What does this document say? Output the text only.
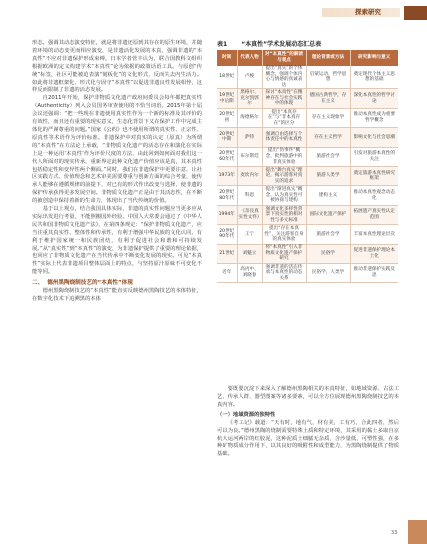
探索研究

形态。强调其动态演变特征，就是将非遗还原到其存在的原生环境，并随着环境的动态变更而相应演变，是非遗活化发展的本真，强调非遗的“本真性”不应对非遗保护形成束缚。日本学者菅丰认为，联合国教科文组织根据欧洲的定义构建学术“本真性”论为依据的政策话语工具。与原创“传统”标签，社区可能被迫表演“刻板化”的文化形式，反而失去内生活力。如此将非遗框架化、形式化与固守“本真性”以促进非遗良性发展相悖，这样反而限制了非遗的活态发展。

自2011年开始，保护非物质文化遗产政府间委员会每年都把真实性（Authenticity）列入会员国务审查使用的不恰当词语。2015年第十届会议还强调：“把一些现在非遗使用真实性作为一个新的标准及其评价的有效性，而且还有重要的现实意义，生态化背景下又在保护工作中完成主体化的严谨尊重的问题。”国家《公约》也不使用所谓的真实性、正宗性、原真性等术语作为评价标准。非遗保护中对真实的认定（原真）为所谓的“本真性”在方法论上承载，“非物质文化遗产的活态存在和演化在实际上是一种运用‘本真性’作为评价尺度的方法，由此回到如何面对我们这一代人所面对的现实传承，重新界定此种文化遗产价值应该是真，其本真性包括稳定性和变异性两个侧面。”同时，我们在非遗保护中更要注意，让社区实践方式、价值理念和艺术审美需要尊重与创新方面的综合考量，使传承人能够在遵循规律的前提下，对已有的形式作出改变与选择，使非遗的保护传承获得更多发展空间。非物质文化遗产正是由于其活态性，在不断的被创造中保持着新的生命力，体现出了当代传统的价值。

基于以上观点，结合我国具体实际，非遗的真实性问题应当更多应从实际出发进行考量，不能照搬国外经验。中国人大常委会通过了《中华人民共和国非物质文化遗产法》，在第四条规定：“保护非物质文化遗产，应当注重其真实性、整体性和传承性，有利于增强中华民族的文化认同，有利于维护国家统一和民族团结，有利于促进社会和谐和可持续发展。”从“真实性”到“本真性”的演变，为非遗保护提供了重要的理论依据，也回应了非物质文化遗产在当代传承中不断变化发展的现实。可见“本真性”实际上代表非遗项目整体层面上的特点，与坚持原汁原味不可变化不能等同。

二、 德州黑陶烧制技艺的“本真性”体现

德州黑陶烧制技艺的“本真性”能直实反映德州黑陶技艺的本体特征，在数字化技术下追溯黑的本体

表1 “本真性”学术发展动态汇总表
时间	代表人物	对“本真性”的解读与观点	理论背景或方法	研究影响与意义
18世纪	卢梭	提出“真实”的个体概念，强调个体内心与情感的真诚表达	启蒙运动，哲学思想	奠定现代个体主义思想的基础
19世纪中后期	黑格尔、克尔凯郭尔	探讨“本真性”在精神存在与社会实践中的体现	德国古典哲学，存在主义	深化本真性的哲学讨论
20世纪初	海德格尔	提出“本真存在”与“非本真存在”的区分	存在主义现象学	推动本真性成为重要哲学概念
20世纪中期	萨特	强调自由选择与个体责任中的本真性	存在主义哲学	影响文化与社会思潮
20世纪60年代	布尔斯廷	提出“伪事件”概念，批判旅游中的非真实体验	旅游社会学	引发对旅游本真性的关注
1973年	麦坎内尔	提出“舞台真实”理论，揭示游客对真实的追求	旅游人类学	奠定旅游本真性研究框架
20世纪80年代	科恩	提出“渐进真实”概念，认为真实性可被协商与建构	建构主义	推动本真性观念动态化
1994年	《奈良真实性文件》	强调文化多样性背景下真实性的相对性与多元标准	国际文化遗产保护	拓展遗产真实性认定范围
20世纪90年代	王宁	提出“存在本真性”，关注游客自身的真实体验	旅游社会学	丰富本真性理论层次
21世纪	刘魁立	将“本真性”引入非物质文化遗产保护研究	民俗学	促进非遗保护理论本土化
近年	高丙中、刘晓春	强调非遗的活态传承与本真性的动态关系	民俗学，人类学	推动非遗保护实践反思

要既要沉淀下来深入了解德州黑陶相关的本真特征，如地域资源、古法工艺、传承人群、器型图案等诸多要素，可以全方位展现德州黑陶烧制技艺的本真内容。

（一）地域资源的独特性

《考工记》载道：“天有时，地有气，材有美，工有巧，合此四者，然后可以为良。”德州黑陶的烧制需要特殊土质和特定环境，其采用的黏土多取自京杭大运河两岸的红胶泥，这种泥质土细腻无杂质，含沙量低、可塑性强，在多种矿物质成分作用下，以其良好的吸附性和成型能力，为黑陶烧制提供了物质基础。

33
